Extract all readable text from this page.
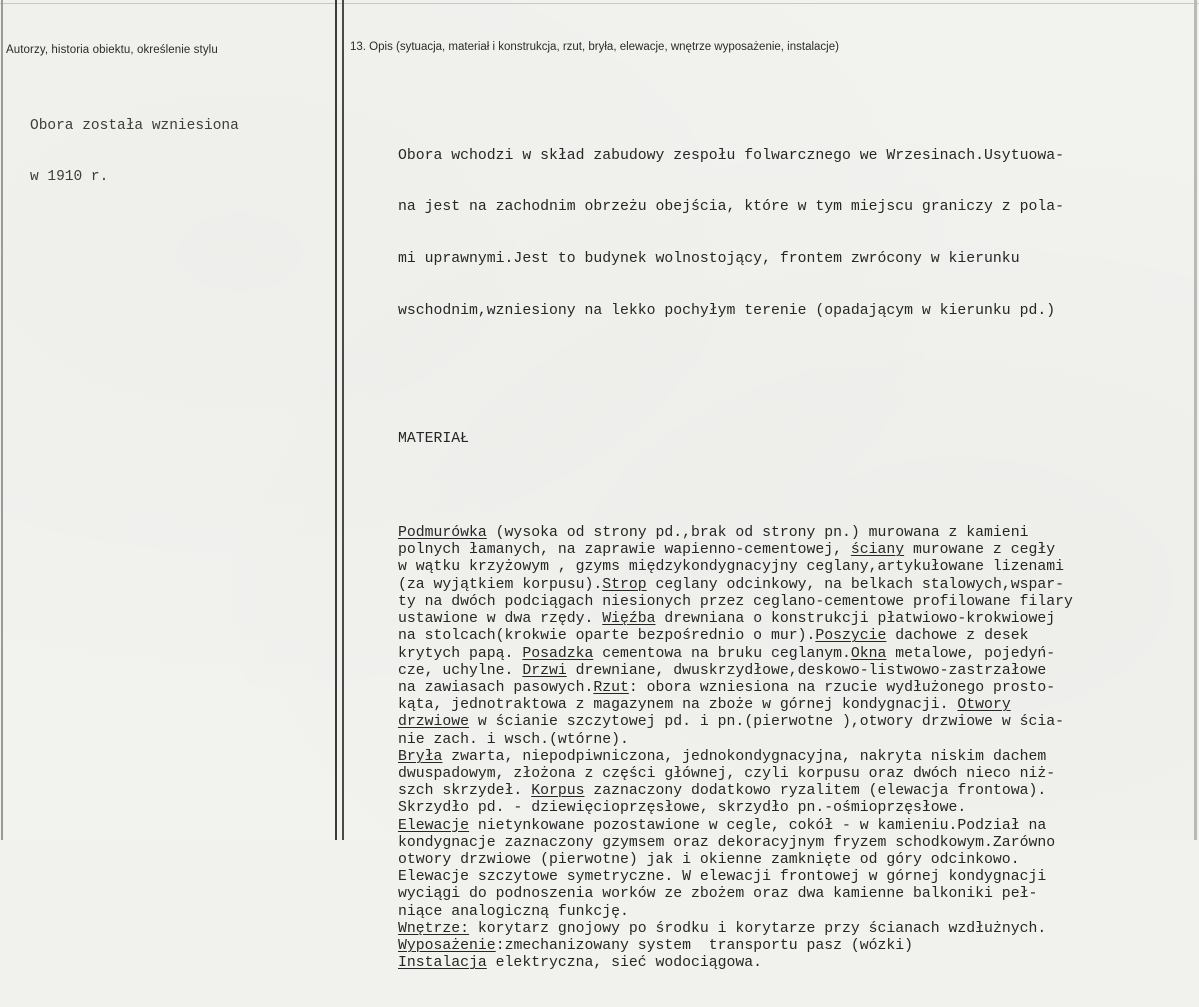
Autorzy, historia obiektu, określenie stylu	13. Opis (sytuacja, materiał i konstrukcja, rzut, bryła, elewacje, wnętrze wyposażenie, instalacje)

Obora została wzniesiona

w 1910 r.

Obora wchodzi w skład zabudowy zespołu folwarcznego we Wrzesinach.Usytuowa-

na jest na zachodnim obrzeżu obejścia, które w tym miejscu graniczy z pola-

mi uprawnymi.Jest to budynek wolnostojący, frontem zwrócony w kierunku

wschodnim,wzniesiony na lekko pochyłym terenie (opadającym w kierunku pd.)

MATERIAŁ

Podmurówka (wysoka od strony pd.,brak od strony pn.) murowana z kamieni
polnych łamanych, na zaprawie wapienno-cementowej, ściany murowane z cegły
w wątku krzyżowym , gzyms międzykondygnacyjny ceglany,artykułowane lizenami
(za wyjątkiem korpusu).Strop ceglany odcinkowy, na belkach stalowych,wspar-
ty na dwóch podciągach niesionych przez ceglano-cementowe profilowane filary
ustawione w dwa rzędy. Więźba drewniana o konstrukcji płatwiowo-krokwiowej
na stolcach(krokwie oparte bezpośrednio o mur).Poszycie dachowe z desek
krytych papą. Posadzka cementowa na bruku ceglanym.Okna metalowe, pojedyń-
cze, uchylne. Drzwi drewniane, dwuskrzydłowe,deskowo-listwowo-zastrzałowe
na zawiasach pasowych.Rzut: obora wzniesiona na rzucie wydłużonego prosto-
kąta, jednotraktowa z magazynem na zboże w górnej kondygnacji. Otwory
drzwiowe w ścianie szczytowej pd. i pn.(pierwotne ),otwory drzwiowe w ścia-
nie zach. i wsch.(wtórne).
Bryła zwarta, niepodpiwniczona, jednokondygnacyjna, nakryta niskim dachem
dwuspadowym, złożona z części głównej, czyli korpusu oraz dwóch nieco niż-
szch skrzydeł. Korpus zaznaczony dodatkowo ryzalitem (elewacja frontowa).
Skrzydło pd. - dziewięcioprzęsłowe, skrzydło pn.-ośmioprzęsłowe.
Elewacje nietynkowane pozostawione w cegle, cokół - w kamieniu.Podział na
kondygnacje zaznaczony gzymsem oraz dekoracyjnym fryzem schodkowym.Zarówno
otwory drzwiowe (pierwotne) jak i okienne zamknięte od góry odcinkowo.
Elewacje szczytowe symetryczne. W elewacji frontowej w górnej kondygnacji
wyciągi do podnoszenia worków ze zbożem oraz dwa kamienne balkoniki peł-
niące analogiczną funkcję.
Wnętrze: korytarz gnojowy po środku i korytarze przy ścianach wzdłużnych.
Wyposażenie:zmechanizowany system  transportu pasz (wózki)
Instalacja elektryczna, sieć wodociągowa.
